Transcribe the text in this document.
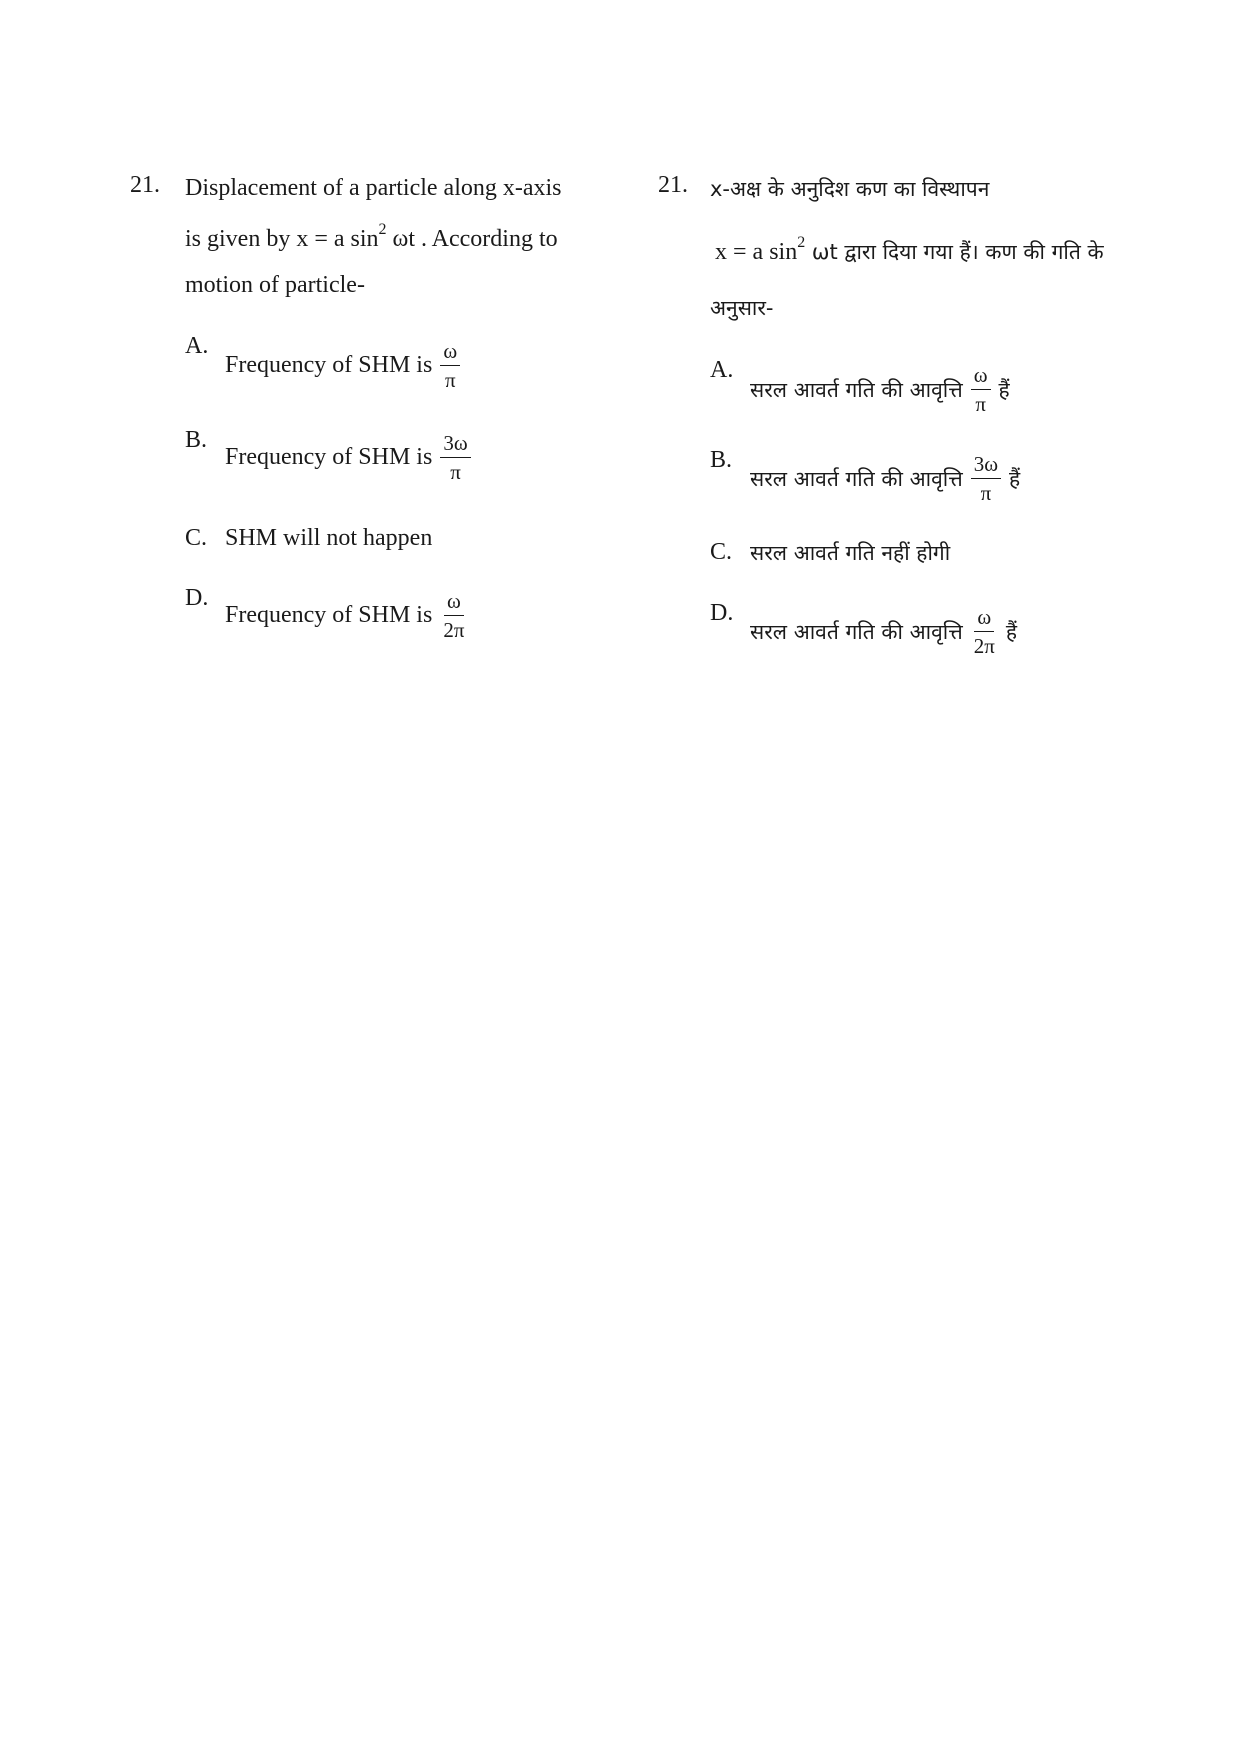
21. Displacement of a particle along x-axis
is given by x = a $\sin^2 \omega t$ . According to
motion of particle-
A.
Frequency of SHM is $\frac{\omega}{\pi}$
B.
Frequency of SHM is $\frac{3\omega}{\pi}$
C. SHM will not happen
D.
Frequency of SHM is $\frac{\omega}{2\pi}$
21. x-अक्ष के अनुदिश कण का विस्थापन
x = a $\sin^2 \omega t$ द्वारा दिया गया हैं। कण की गति के
अनुसार-
A.
सरल आवर्त गति की आवृत्ति $\frac{\omega}{\pi}$ हैं
B.
सरल आवर्त गति की आवृत्ति $\frac{3\omega}{\pi}$ हैं
C. सरल आवर्त गति नहीं होगी
D.
सरल आवर्त गति की आवृत्ति $\frac{\omega}{2\pi}$ हैं
